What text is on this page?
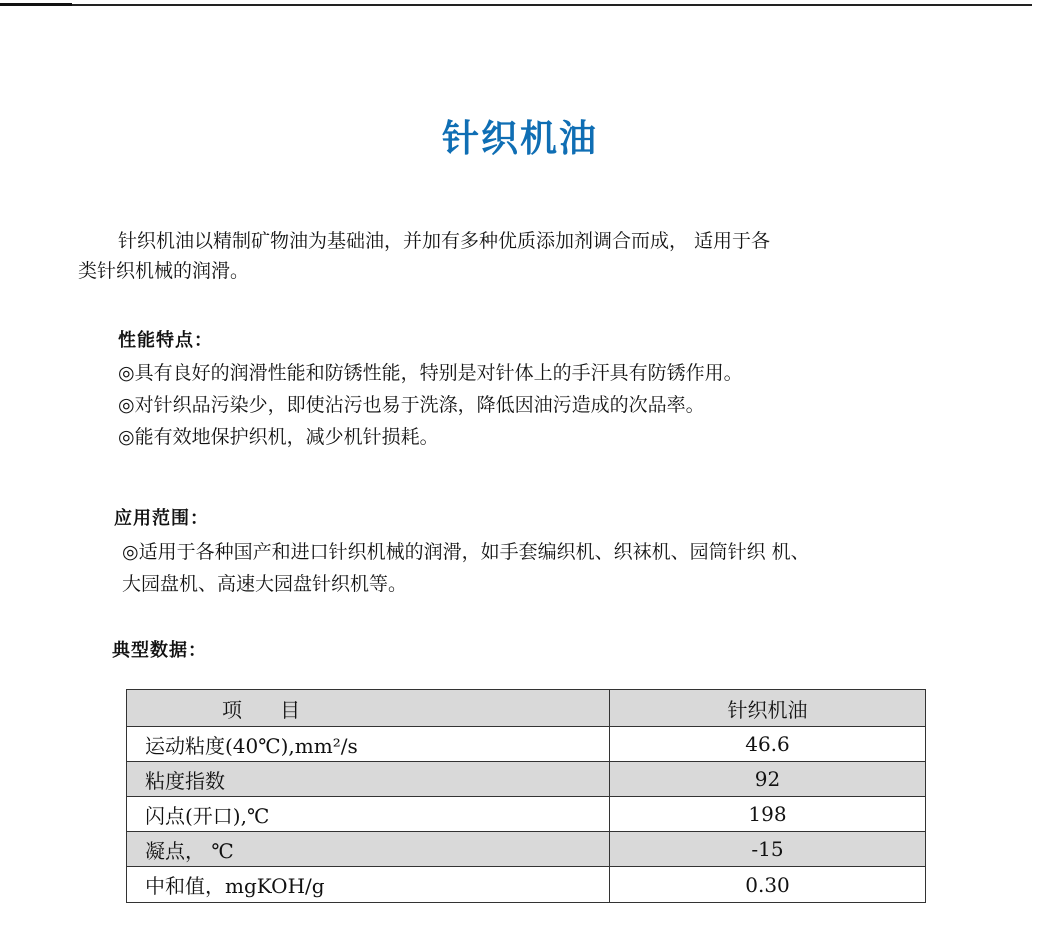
针织机油
针织机油以精制矿物油为基础油，并加有多种优质添加剂调合而成， 适用于各
类针织机械的润滑。
性能特点：
◎具有良好的润滑性能和防锈性能，特别是对针体上的手汗具有防锈作用。
◎对针织品污染少，即使沾污也易于洗涤，降低因油污造成的次品率。
◎能有效地保护织机，减少机针损耗。
应用范围：
◎适用于各种国产和进口针织机械的润滑，如手套编织机、织袜机、园筒针织 机、
大园盘机、高速大园盘针织机等。
典型数据：
项      目	针织机油
运动粘度(40℃),mm²/s	46.6
粘度指数	92
闪点(开口),℃	198
凝点， ℃	-15
中和值，mgKOH/g	0.30
